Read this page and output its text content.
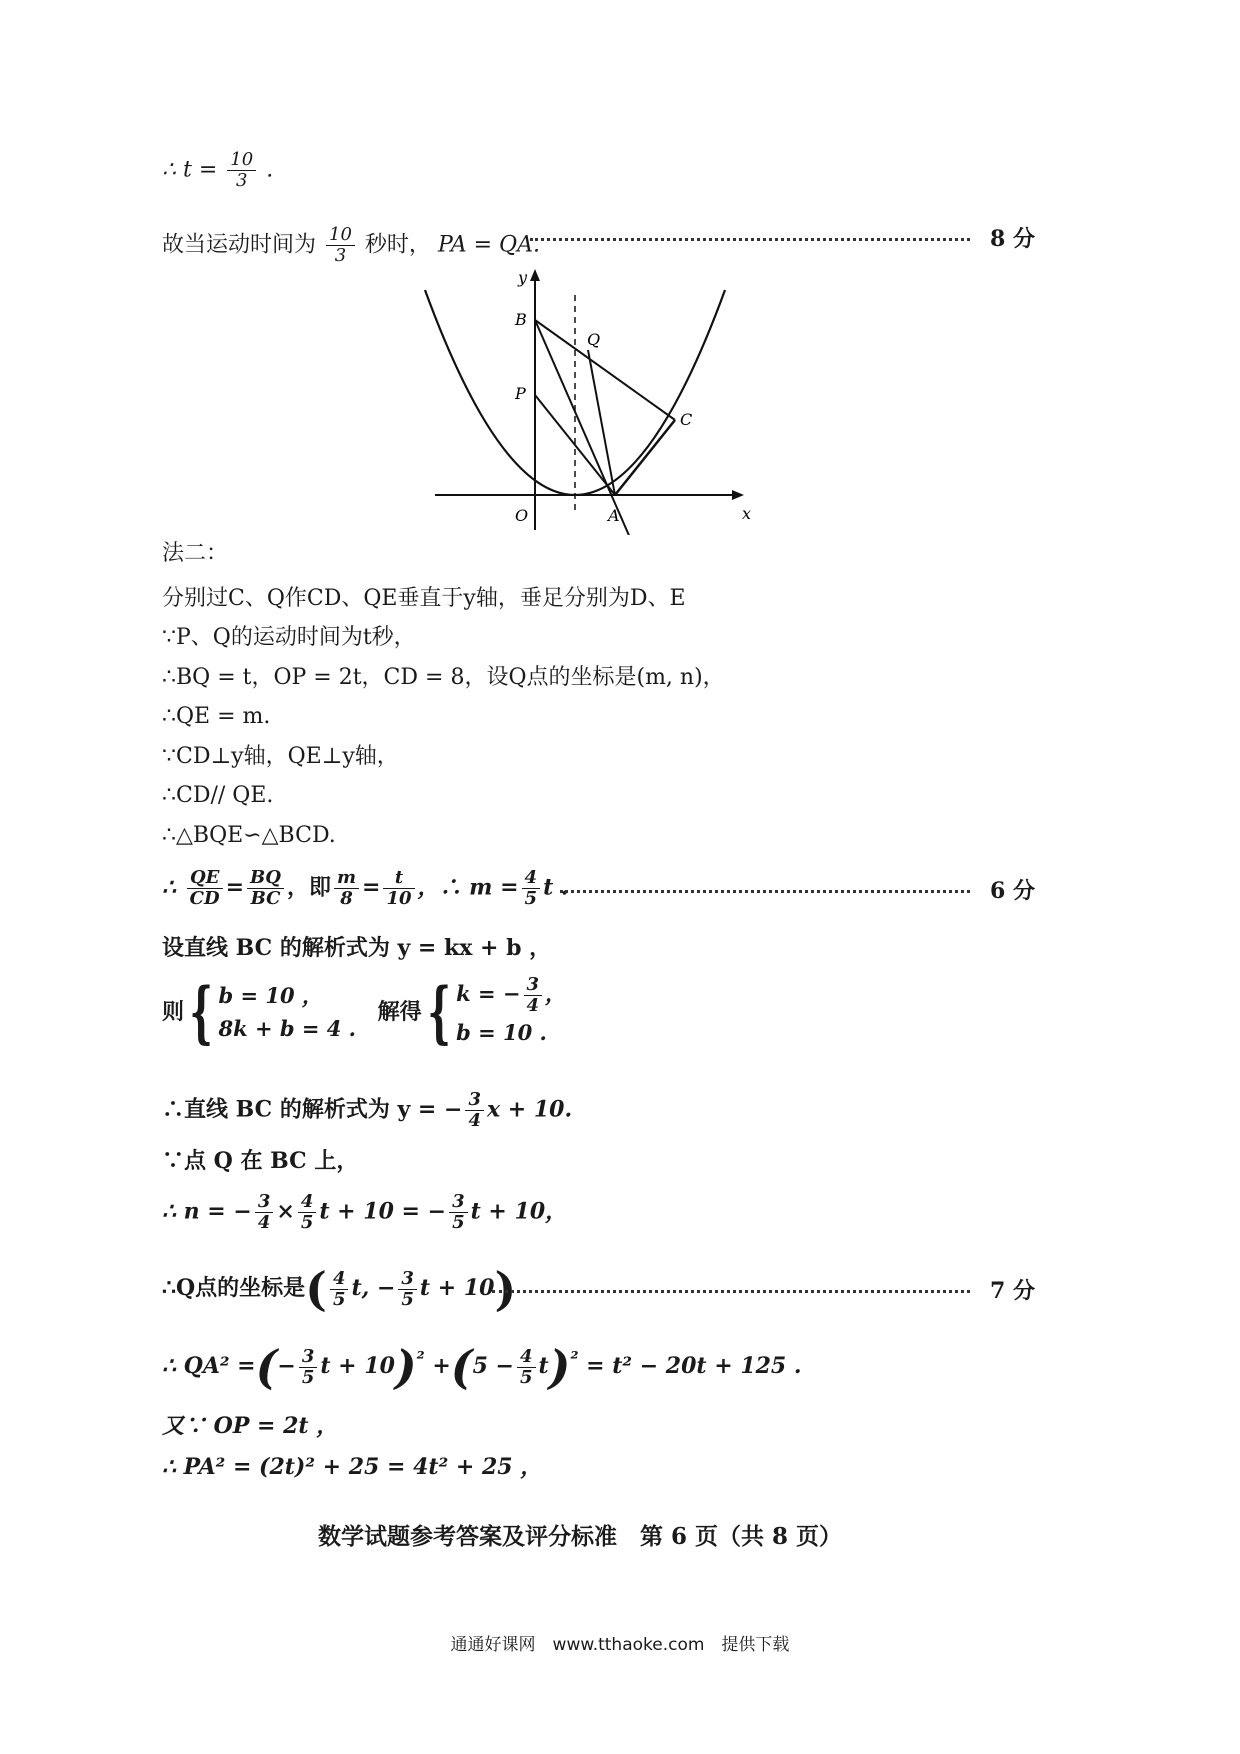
∴ $t = \frac{10}{3}$ .
故当运动时间为 $\frac{10}{3}$ 秒时， PA = QA.	8 分
y
x
O	A
B
P
Q
C
法二：
分别过C、Q作CD、QE垂直于y轴，垂足分别为D、E
∵P、Q的运动时间为t秒，
∴BQ = t，OP = 2t，CD = 8，设Q点的坐标是(m, n)，
∴QE = m.
∵CD⊥y轴，QE⊥y轴，
∴CD// QE.
∴△BQE∽△BCD.
∴ $\frac{QE}{CD} = \frac{BQ}{BC}$ ，即 $\frac{m}{8} = \frac{t}{10}$ ，∴ $m = \frac{4}{5}$ t .	6 分
设直线 BC 的解析式为 y = kx + b ，
则{ b = 10 ，
8k + b = 4 . 解得{ k = − $\frac{3}{4}$ ，
b = 10 .
∴直线 BC 的解析式为 y = − $\frac{3}{4}$ x + 10.
∵点 Q 在 BC 上，
∴ n = − $\frac{3}{4} \times \frac{4}{5}$ t + 10 = − $\frac{3}{5}$ t + 10，
∴Q点的坐标是( $\frac{4}{5} t$, − $\frac{3}{5}$ t + 10)	7 分
∴ QA² =(− $\frac{3}{5}$ $t + 10)^{^2} +(5 - \frac{4}{5} t)^{^2} = t^2 - 20t + 125$ .
又∵ OP = 2t ，
∴ PA² = (2t)² + 25 = 4t² + 25 ，
数学试题参考答案及评分标准　第 6 页（共 8 页）
通通好课网　www.tthaoke.com　提供下载
